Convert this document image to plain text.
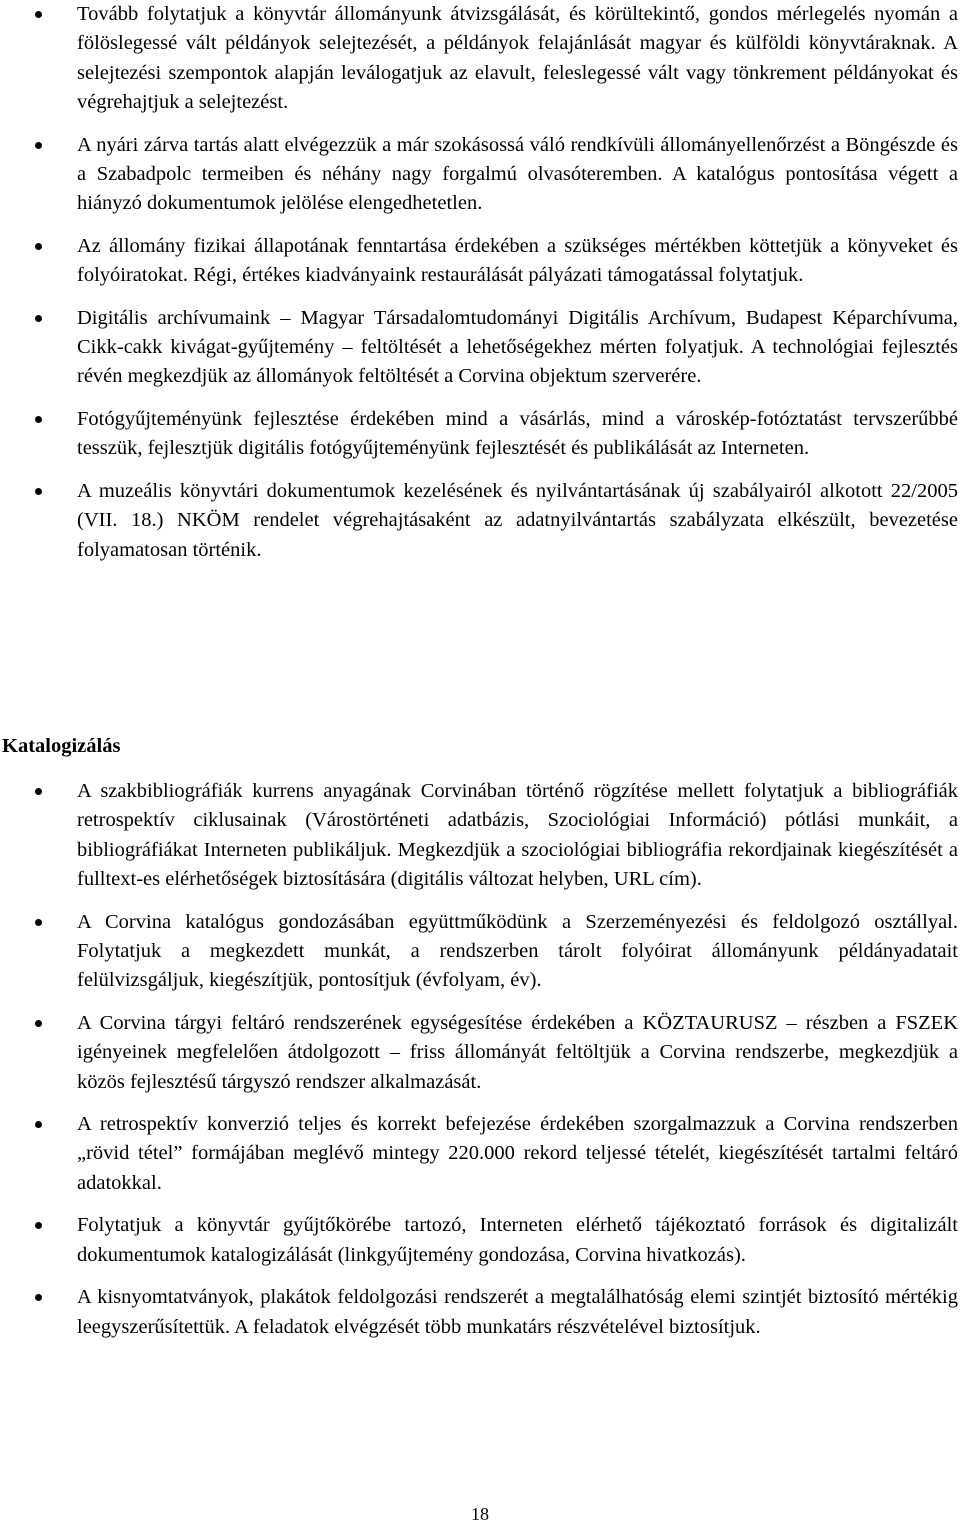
Tovább folytatjuk a könyvtár állományunk átvizsgálását, és körültekintő, gondos mérlegelés nyomán a fölöslegessé vált példányok selejtezését, a példányok felajánlását magyar és külföldi könyvtáraknak. A selejtezési szempontok alapján leválogatjuk az elavult, feleslegessé vált vagy tönkrement példányokat és végrehajtjuk a selejtezést.
A nyári zárva tartás alatt elvégezzük a már szokásossá váló rendkívüli állományellenőrzést a Böngészde és a Szabadpolc termeiben és néhány nagy forgalmú olvasóteremben. A katalógus pontosítása végett a hiányzó dokumentumok jelölése elengedhetetlen.
Az állomány fizikai állapotának fenntartása érdekében a szükséges mértékben köttetjük a könyveket és folyóiratokat. Régi, értékes kiadványaink restaurálását pályázati támogatással folytatjuk.
Digitális archívumaink – Magyar Társadalomtudományi Digitális Archívum, Budapest Képarchívuma, Cikk-cakk kivágat-gyűjtemény – feltöltését a lehetőségekhez mérten folyatjuk. A technológiai fejlesztés révén megkezdjük az állományok feltöltését a Corvina objektum szerverére.
Fotógyűjteményünk fejlesztése érdekében mind a vásárlás, mind a városkép-fotóztatást tervszerűbbé tesszük, fejlesztjük digitális fotógyűjteményünk fejlesztését és publikálását az Interneten.
A muzeális könyvtári dokumentumok kezelésének és nyilvántartásának új szabályairól alkotott 22/2005 (VII. 18.) NKÖM rendelet végrehajtásaként az adatnyilvántartás szabályzata elkészült, bevezetése folyamatosan történik.
Katalogizálás
A szakbibliográfiák kurrens anyagának Corvinában történő rögzítése mellett folytatjuk a bibliográfiák retrospektív ciklusainak (Várostörténeti adatbázis, Szociológiai Információ) pótlási munkáit, a bibliográfiákat Interneten publikáljuk. Megkezdjük a szociológiai bibliográfia rekordjainak kiegészítését a fulltext-es elérhetőségek biztosítására (digitális változat helyben, URL cím).
A Corvina katalógus gondozásában együttműködünk a Szerzeményezési és feldolgozó osztállyal. Folytatjuk a megkezdett munkát, a rendszerben tárolt folyóirat állományunk példányadatait felülvizsgáljuk, kiegészítjük, pontosítjuk (évfolyam, év).
A Corvina tárgyi feltáró rendszerének egységesítése érdekében a KÖZTAURUSZ – részben a FSZEK igényeinek megfelelően átdolgozott – friss állományát feltöltjük a Corvina rendszerbe, megkezdjük a közös fejlesztésű tárgyszó rendszer alkalmazását.
A retrospektív konverzió teljes és korrekt befejezése érdekében szorgalmazzuk a Corvina rendszerben „rövid tétel” formájában meglévő mintegy 220.000 rekord teljessé tételét, kiegészítését tartalmi feltáró adatokkal.
Folytatjuk a könyvtár gyűjtőkörébe tartozó, Interneten elérhető tájékoztató források és digitalizált dokumentumok katalogizálását (linkgyűjtemény gondozása, Corvina hivatkozás).
A kisnyomtatványok, plakátok feldolgozási rendszerét a megtalálhatóság elemi szintjét biztosító mértékig leegyszerűsítettük. A feladatok elvégzését több munkatárs részvételével biztosítjuk.
18
